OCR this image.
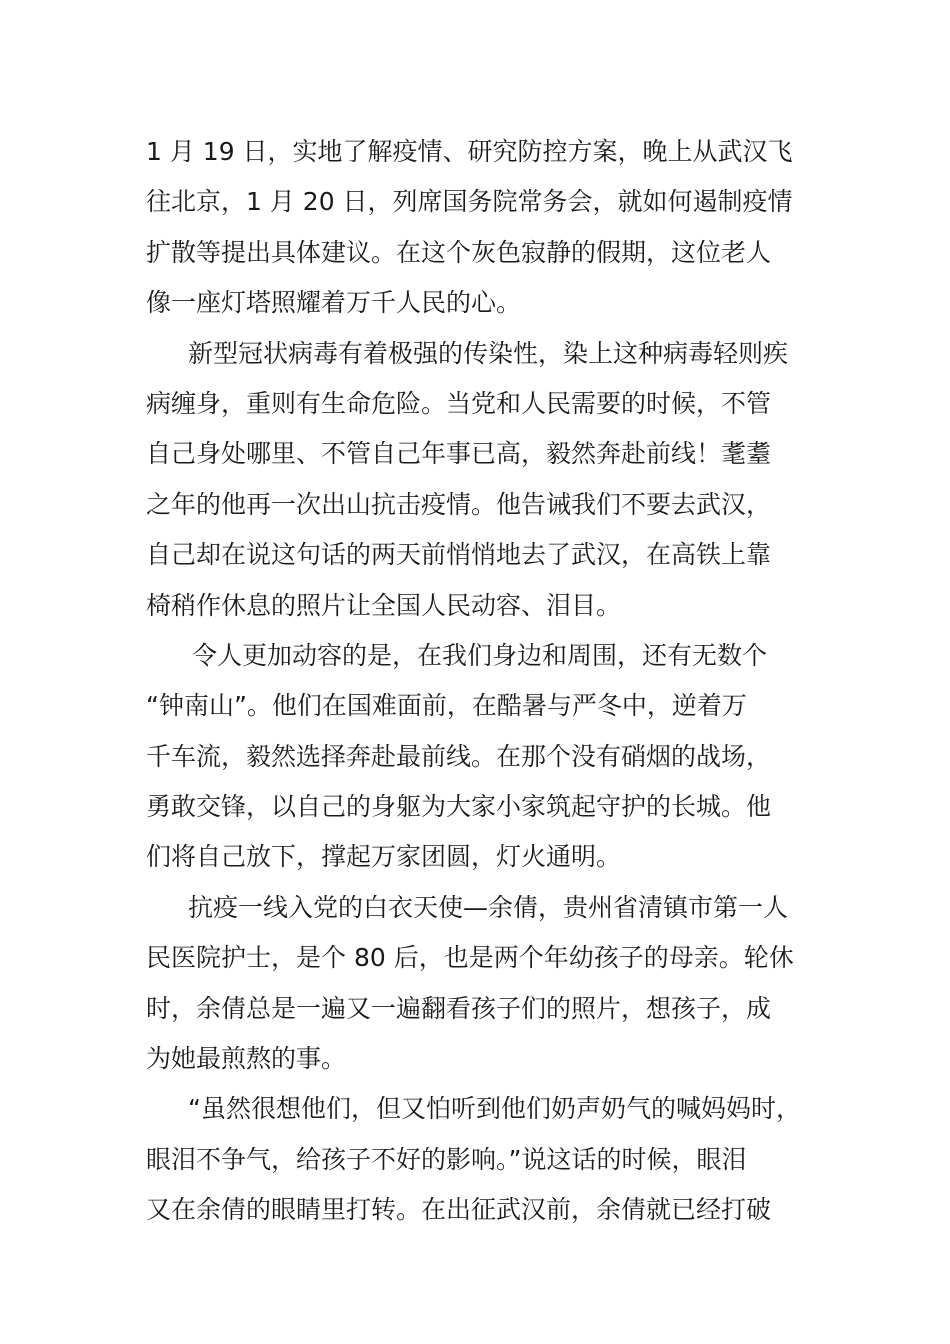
1 月 19 日，实地了解疫情、研究防控方案，晚上从武汉飞
往北京，1 月 20 日，列席国务院常务会，就如何遏制疫情
扩散等提出具体建议。在这个灰色寂静的假期，这位老人
像一座灯塔照耀着万千人民的心。
新型冠状病毒有着极强的传染性，染上这种病毒轻则疾
病缠身，重则有生命危险。当党和人民需要的时候，不管
自己身处哪里、不管自己年事已高，毅然奔赴前线！耄耋
之年的他再一次出山抗击疫情。他告诫我们不要去武汉，
自己却在说这句话的两天前悄悄地去了武汉，在高铁上靠
椅稍作休息的照片让全国人民动容、泪目。
令人更加动容的是，在我们身边和周围，还有无数个
“钟南山”。他们在国难面前，在酷暑与严冬中，逆着万
千车流，毅然选择奔赴最前线。在那个没有硝烟的战场，
勇敢交锋，以自己的身躯为大家小家筑起守护的长城。他
们将自己放下，撑起万家团圆，灯火通明。
抗疫一线入党的白衣天使—余倩，贵州省清镇市第一人
民医院护士，是个 80 后，也是两个年幼孩子的母亲。轮休
时，余倩总是一遍又一遍翻看孩子们的照片，想孩子，成
为她最煎熬的事。
“虽然很想他们，但又怕听到他们奶声奶气的喊妈妈时，
眼泪不争气，给孩子不好的影响。”说这话的时候，眼泪
又在余倩的眼睛里打转。在出征武汉前，余倩就已经打破
